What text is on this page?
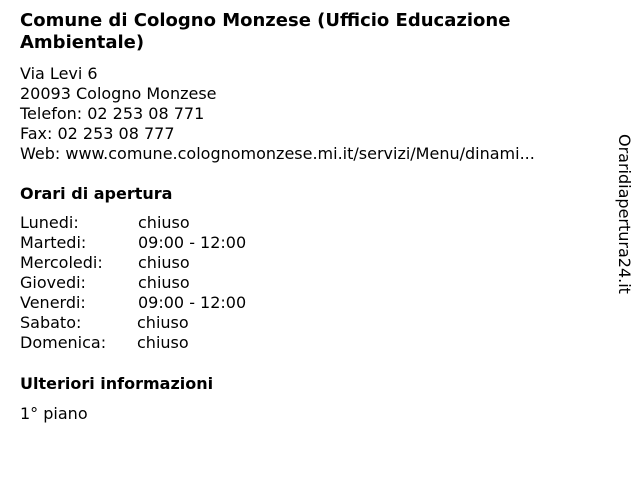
Comune di Cologno Monzese (Ufficio Educazione Ambientale)
Via Levi 6
20093 Cologno Monzese
Telefon: 02 253 08 771
Fax: 02 253 08 777
Web: www.comune.colognomonzese.mi.it/servizi/Menu/dinami...
Orari di apertura
Lunedi:	chiuso
Martedi:	09:00 - 12:00
Mercoledi: chiuso
Giovedi:	chiuso
Venerdi:	09:00 - 12:00
Sabato:	chiuso
Domenica: chiuso
Ulteriori informazioni
1° piano
Oraridiapertura24.it
